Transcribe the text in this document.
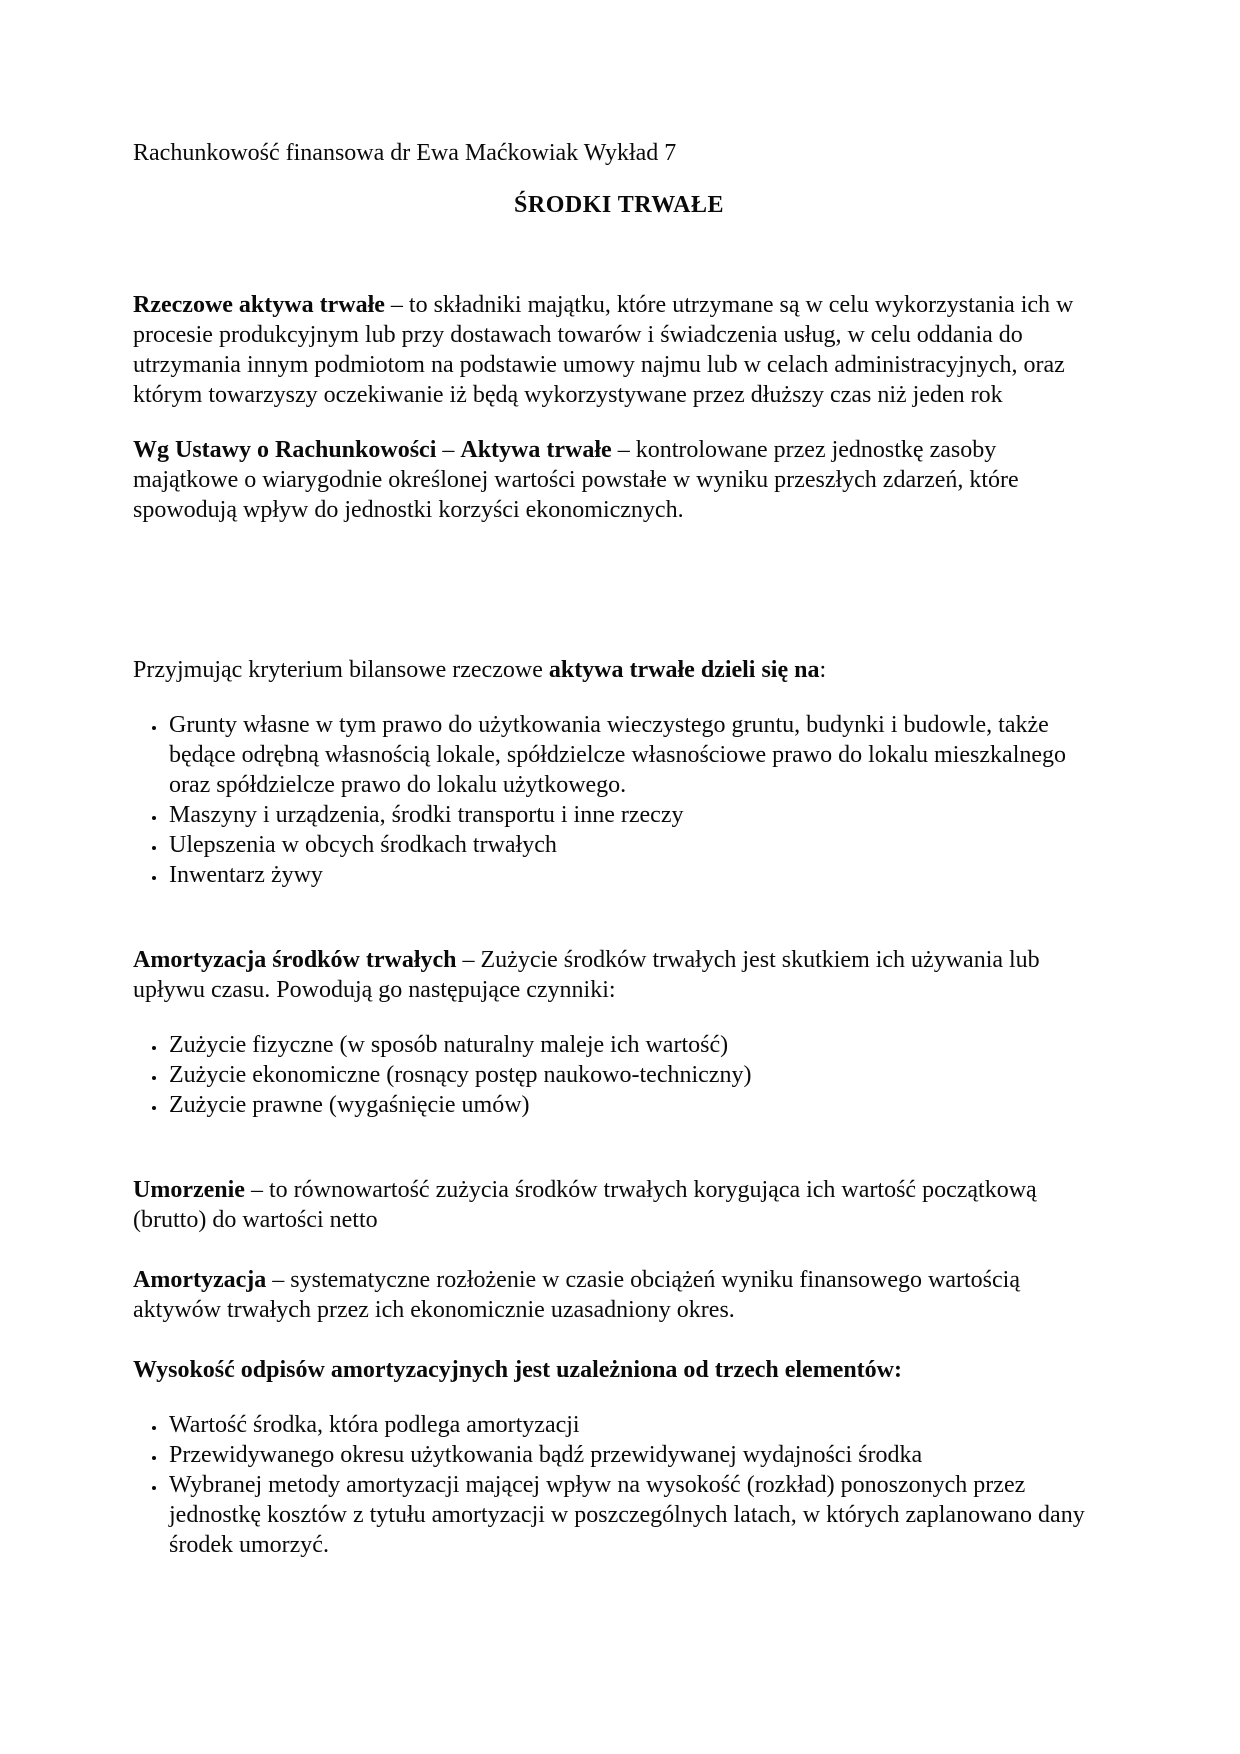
Rachunkowość finansowa dr Ewa Maćkowiak Wykład 7

ŚRODKI TRWAŁE

Rzeczowe aktywa trwałe – to składniki majątku, które utrzymane są w celu wykorzystania ich w procesie produkcyjnym lub przy dostawach towarów i świadczenia usług, w celu oddania do utrzymania innym podmiotom na podstawie umowy najmu lub w celach administracyjnych, oraz którym towarzyszy oczekiwanie iż będą wykorzystywane przez dłuższy czas niż jeden rok

Wg Ustawy o Rachunkowości – Aktywa trwałe – kontrolowane przez jednostkę zasoby majątkowe o wiarygodnie określonej wartości powstałe w wyniku przeszłych zdarzeń, które spowodują wpływ do jednostki korzyści ekonomicznych.

Przyjmując kryterium bilansowe rzeczowe aktywa trwałe dzieli się na:

• Grunty własne w tym prawo do użytkowania wieczystego gruntu, budynki i budowle, także będące odrębną własnością lokale, spółdzielcze własnościowe prawo do lokalu mieszkalnego oraz spółdzielcze prawo do lokalu użytkowego.
• Maszyny i urządzenia, środki transportu i inne rzeczy
• Ulepszenia w obcych środkach trwałych
• Inwentarz żywy

Amortyzacja środków trwałych – Zużycie środków trwałych jest skutkiem ich używania lub upływu czasu. Powodują go następujące czynniki:

• Zużycie fizyczne (w sposób naturalny maleje ich wartość)
• Zużycie ekonomiczne (rosnący postęp naukowo-techniczny)
• Zużycie prawne (wygaśnięcie umów)

Umorzenie – to równowartość zużycia środków trwałych korygująca ich wartość początkową (brutto) do wartości netto

Amortyzacja – systematyczne rozłożenie w czasie obciążeń wyniku finansowego wartością aktywów trwałych przez ich ekonomicznie uzasadniony okres.

Wysokość odpisów amortyzacyjnych jest uzależniona od trzech elementów:

• Wartość środka, która podlega amortyzacji
• Przewidywanego okresu użytkowania bądź przewidywanej wydajności środka
• Wybranej metody amortyzacji mającej wpływ na wysokość (rozkład) ponoszonych przez jednostkę kosztów z tytułu amortyzacji w poszczególnych latach, w których zaplanowano dany środek umorzyć.
